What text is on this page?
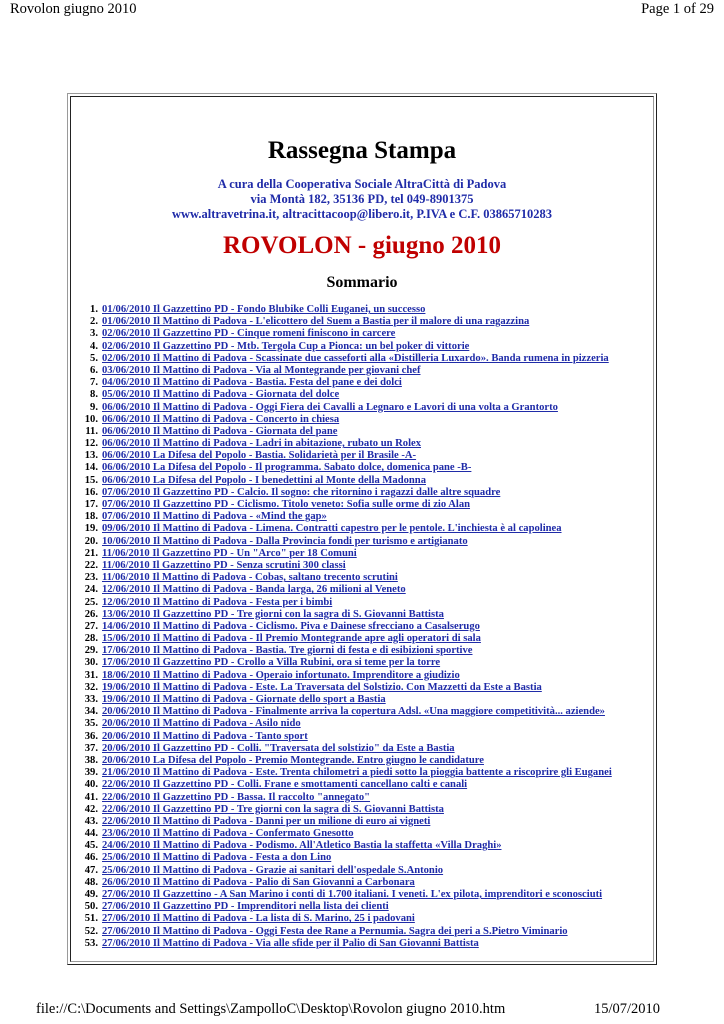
Rovolon giugno 2010	Page 1 of 29
Rassegna Stampa
A cura della Cooperativa Sociale AltraCittà di Padova
via Montà 182, 35136 PD, tel 049-8901375
www.altravetrina.it, altracittacoop@libero.it, P.IVA e C.F. 03865710283
ROVOLON - giugno 2010
Sommario
1. 01/06/2010 Il Gazzettino PD - Fondo Blubike Colli Euganei, un successo
2. 01/06/2010 Il Mattino di Padova - L'elicottero del Suem a Bastia per il malore di una ragazzina
3. 02/06/2010 Il Gazzettino PD - Cinque romeni finiscono in carcere
4. 02/06/2010 Il Gazzettino PD - Mtb. Tergola Cup a Pionca: un bel poker di vittorie
5. 02/06/2010 Il Mattino di Padova - Scassinate due casseforti alla «Distilleria Luxardo». Banda rumena in pizzeria
6. 03/06/2010 Il Mattino di Padova - Via al Montegrande per giovani chef
7. 04/06/2010 Il Mattino di Padova - Bastia. Festa del pane e dei dolci
8. 05/06/2010 Il Mattino di Padova - Giornata del dolce
9. 06/06/2010 Il Mattino di Padova - Oggi Fiera dei Cavalli a Legnaro e Lavori di una volta a Grantorto
10. 06/06/2010 Il Mattino di Padova - Concerto in chiesa
11. 06/06/2010 Il Mattino di Padova - Giornata del pane
12. 06/06/2010 Il Mattino di Padova - Ladri in abitazione, rubato un Rolex
13. 06/06/2010 La Difesa del Popolo - Bastia. Solidarietà per il Brasile -A-
14. 06/06/2010 La Difesa del Popolo - Il programma. Sabato dolce, domenica pane -B-
15. 06/06/2010 La Difesa del Popolo - I benedettini al Monte della Madonna
16. 07/06/2010 Il Gazzettino PD - Calcio. Il sogno: che ritornino i ragazzi dalle altre squadre
17. 07/06/2010 Il Gazzettino PD - Ciclismo. Titolo veneto: Sofia sulle orme di zio Alan
18. 07/06/2010 Il Mattino di Padova - «Mind the gap»
19. 09/06/2010 Il Mattino di Padova - Limena. Contratti capestro per le pentole. L'inchiesta è al capolinea
20. 10/06/2010 Il Mattino di Padova - Dalla Provincia fondi per turismo e artigianato
21. 11/06/2010 Il Gazzettino PD - Un "Arco" per 18 Comuni
22. 11/06/2010 Il Gazzettino PD - Senza scrutini 300 classi
23. 11/06/2010 Il Mattino di Padova - Cobas, saltano trecento scrutini
24. 12/06/2010 Il Mattino di Padova - Banda larga, 26 milioni al Veneto
25. 12/06/2010 Il Mattino di Padova - Festa per i bimbi
26. 13/06/2010 Il Gazzettino PD - Tre giorni con la sagra di S. Giovanni Battista
27. 14/06/2010 Il Mattino di Padova - Ciclismo. Piva e Dainese sfrecciano a Casalserugo
28. 15/06/2010 Il Mattino di Padova - Il Premio Montegrande apre agli operatori di sala
29. 17/06/2010 Il Mattino di Padova - Bastia. Tre giorni di festa e di esibizioni sportive
30. 17/06/2010 Il Gazzettino PD - Crollo a Villa Rubini, ora si teme per la torre
31. 18/06/2010 Il Mattino di Padova - Operaio infortunato. Imprenditore a giudizio
32. 19/06/2010 Il Mattino di Padova - Este. La Traversata del Solstizio. Con Mazzetti da Este a Bastia
33. 19/06/2010 Il Mattino di Padova - Giornate dello sport a Bastia
34. 20/06/2010 Il Mattino di Padova - Finalmente arriva la copertura Adsl. «Una maggiore competitività... aziende»
35. 20/06/2010 Il Mattino di Padova - Asilo nido
36. 20/06/2010 Il Mattino di Padova - Tanto sport
37. 20/06/2010 Il Gazzettino PD - Colli. "Traversata del solstizio" da Este a Bastia
38. 20/06/2010 La Difesa del Popolo - Premio Montegrande. Entro giugno le candidature
39. 21/06/2010 Il Mattino di Padova - Este. Trenta chilometri a piedi sotto la pioggia battente a riscoprire gli Euganei
40. 22/06/2010 Il Gazzettino PD - Colli. Frane e smottamenti cancellano calti e canali
41. 22/06/2010 Il Gazzettino PD - Bassa. Il raccolto "annegato"
42. 22/06/2010 Il Gazzettino PD - Tre giorni con la sagra di S. Giovanni Battista
43. 22/06/2010 Il Mattino di Padova - Danni per un milione di euro ai vigneti
44. 23/06/2010 Il Mattino di Padova - Confermato Gnesotto
45. 24/06/2010 Il Mattino di Padova - Podismo. All'Atletico Bastia la staffetta «Villa Draghi»
46. 25/06/2010 Il Mattino di Padova - Festa a don Lino
47. 25/06/2010 Il Mattino di Padova - Grazie ai sanitari dell'ospedale S.Antonio
48. 26/06/2010 Il Mattino di Padova - Palio di San Giovanni a Carbonara
49. 27/06/2010 Il Gazzettino - A San Marino i conti di 1.700 italiani. I veneti. L'ex pilota, imprenditori e sconosciuti
50. 27/06/2010 Il Gazzettino PD - Imprenditori nella lista dei clienti
51. 27/06/2010 Il Mattino di Padova - La lista di S. Marino, 25 i padovani
52. 27/06/2010 Il Mattino di Padova - Oggi Festa dee Rane a Pernumia. Sagra dei peri a S.Pietro Viminario
53. 27/06/2010 Il Mattino di Padova - Via alle sfide per il Palio di San Giovanni Battista
file://C:\Documents and Settings\ZampolloC\Desktop\Rovolon giugno 2010.htm	15/07/2010
